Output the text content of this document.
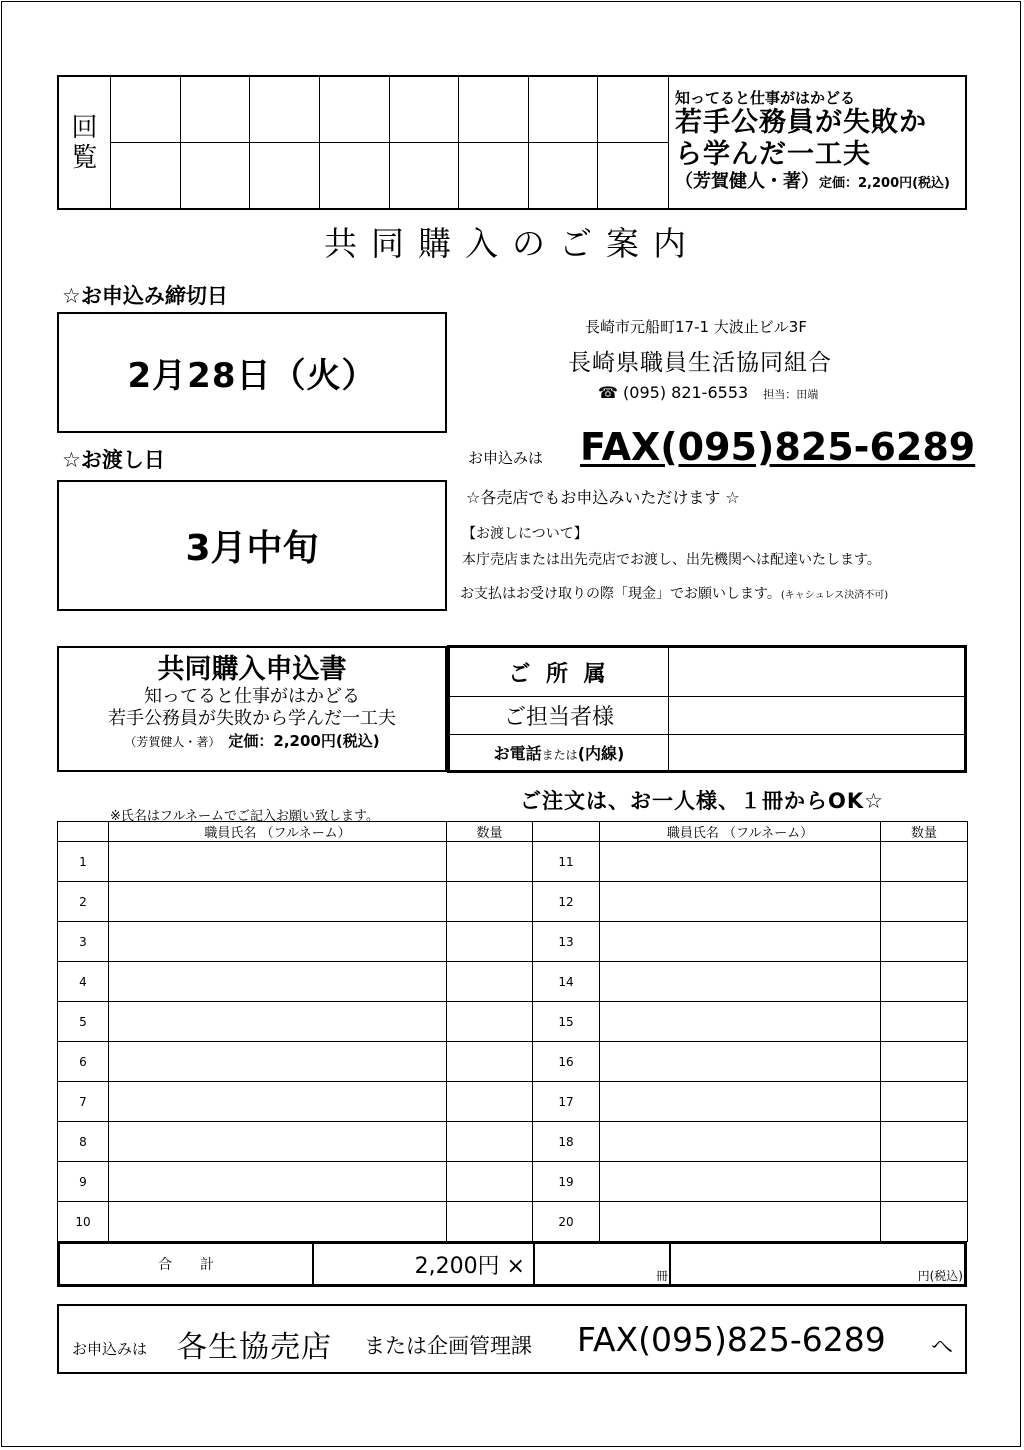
回
覧
知ってると仕事がはかどる
若手公務員が失敗か
ら学んだ一工夫
（芳賀健人・著）定価：2,200円(税込)
共同購入のご案内
☆お申込み締切日
2月28日（火）
☆お渡し日
3月中旬
長崎市元船町17-1 大波止ビル3F
長崎県職員生活協同組合
☎ (095) 821-6553 担当：田端
お申込みは FAX(095)825-6289
☆各売店でもお申込みいただけます ☆
【お渡しについて】
本庁売店または出先売店でお渡し、出先機関へは配達いたします。
お支払はお受け取りの際「現金」でお願いします。(キャシュレス決済不可)
共同購入申込書
知ってると仕事がはかどる
若手公務員が失敗から学んだ一工夫
（芳賀健人・著） 定価：2,200円(税込)
ご 所 属	
ご担当者様	
お電話または(内線)	
ご注文は、お一人様、１冊からOK☆
※氏名はフルネームでご記入お願い致します。
	職員氏名 （フルネーム）	数量		職員氏名 （フルネーム）	数量
1			11		
2			12		
3			13		
4			14		
5			15		
6			16		
7			17		
8			18		
9			19		
10			20		
合　　計	2,200円 ×	冊	円(税込)
お申込みは 各生協売店 または企画管理課 FAX(095)825-6289 へ
